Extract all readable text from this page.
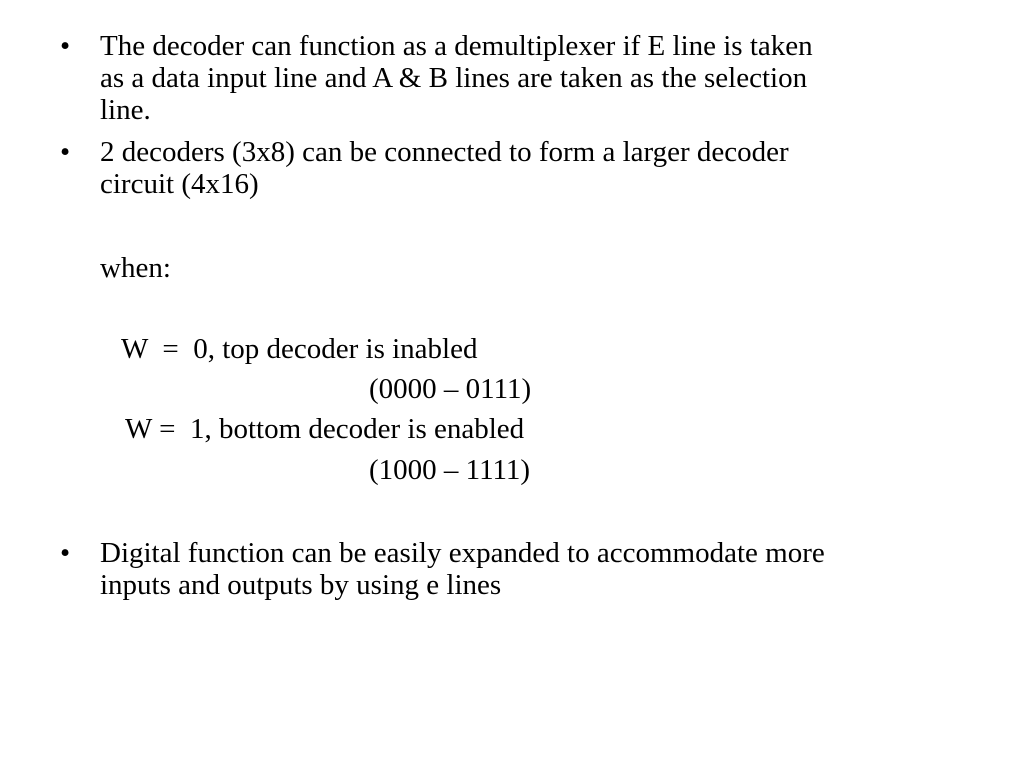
• The decoder can function as a demultiplexer if E line is taken
as a data input line and A & B lines are taken as the selection
line.
• 2 decoders (3x8) can be connected to form a larger decoder
circuit (4x16)
when:
W  =  0, top decoder is inabled
(0000 – 0111)
W =  1, bottom decoder is enabled
(1000 – 1111)
• Digital function can be easily expanded to accommodate more
inputs and outputs by using e lines
